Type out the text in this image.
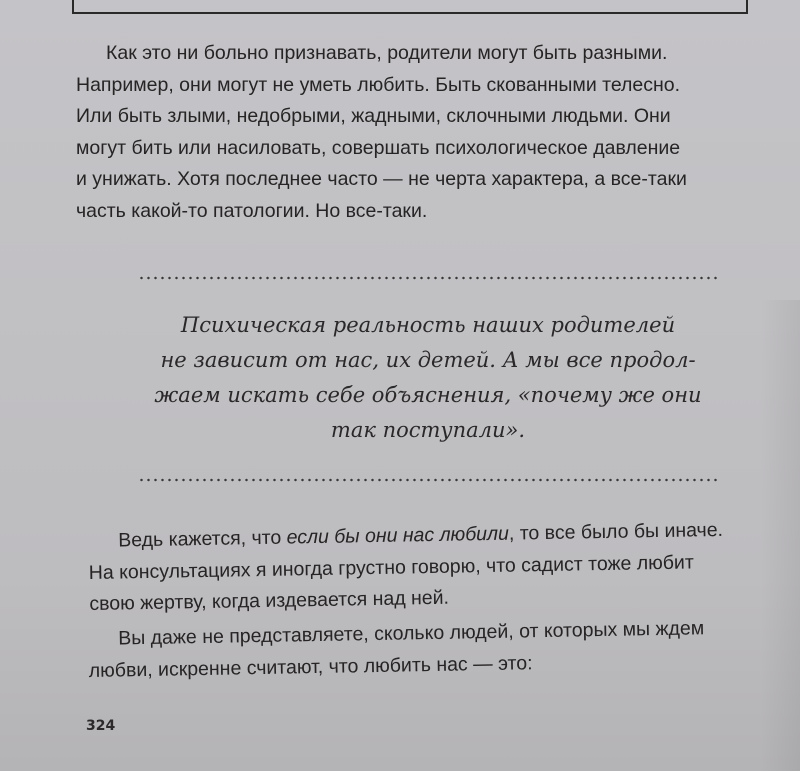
Как это ни больно признавать, родители могут быть разными.
Например, они могут не уметь любить. Быть скованными телесно.
Или быть злыми, недобрыми, жадными, склочными людьми. Они
могут бить или насиловать, совершать психологическое давление
и унижать. Хотя последнее часто — не черта характера, а все-таки
часть какой-то патологии. Но все-таки.

Психическая реальность наших родителей
не зависит от нас, их детей. А мы все продол-
жаем искать себе объяснения, «почему же они
так поступали».

Ведь кажется, что если бы они нас любили, то все было бы иначе.
На консультациях я иногда грустно говорю, что садист тоже любит
свою жертву, когда издевается над ней.

Вы даже не представляете, сколько людей, от которых мы ждем
любви, искренне считают, что любить нас — это:

324
